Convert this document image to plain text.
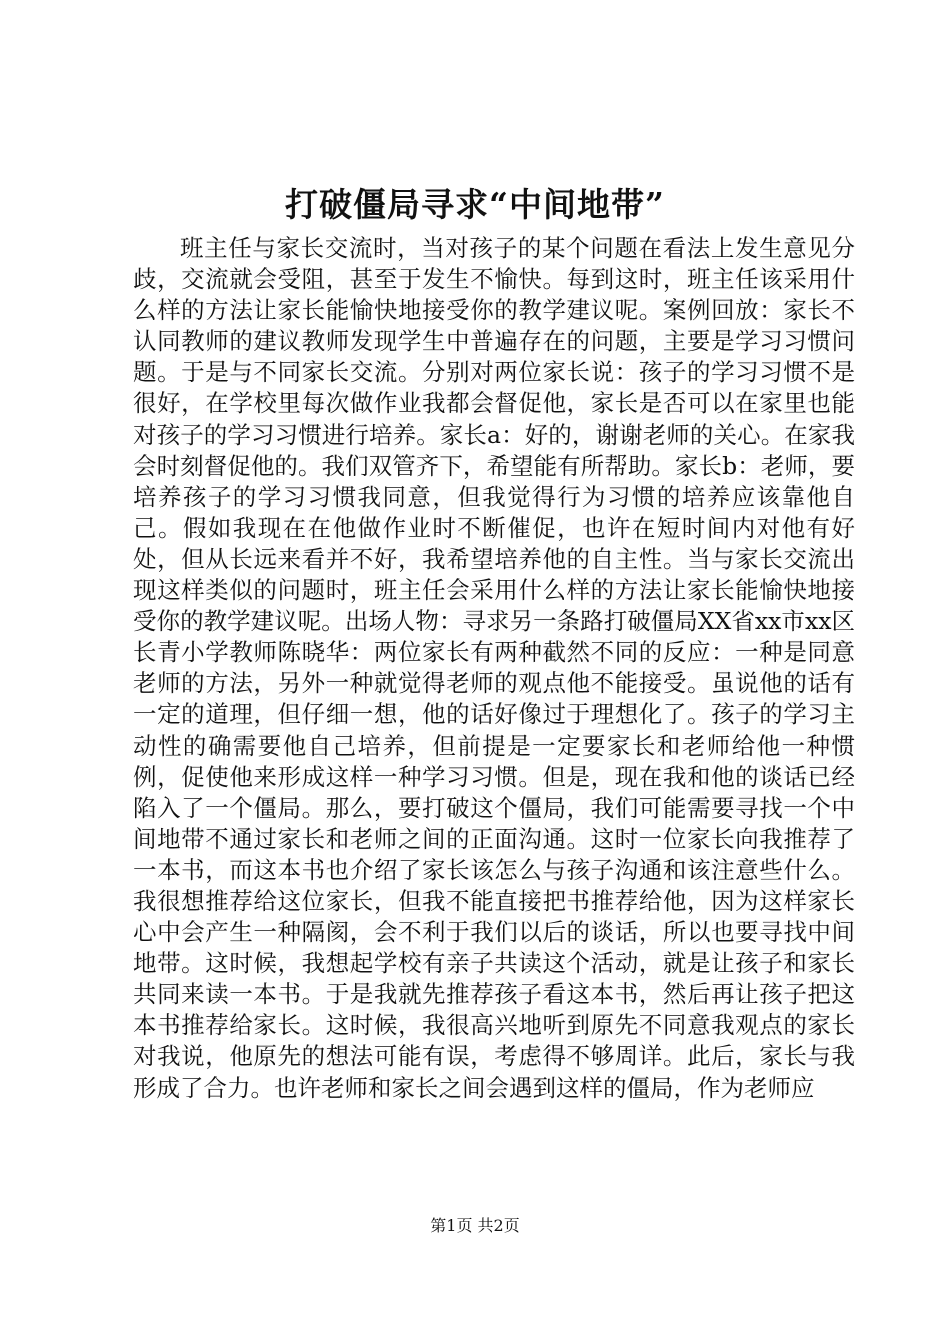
打破僵局寻求“中间地带”

班主任与家长交流时，当对孩子的某个问题在看法上发生意见分歧，交流就会受阻，甚至于发生不愉快。每到这时，班主任该采用什么样的方法让家长能愉快地接受你的教学建议呢。案例回放：家长不认同教师的建议教师发现学生中普遍存在的问题，主要是学习习惯问题。于是与不同家长交流。分别对两位家长说：孩子的学习习惯不是很好，在学校里每次做作业我都会督促他，家长是否可以在家里也能对孩子的学习习惯进行培养。家长a：好的，谢谢老师的关心。在家我会时刻督促他的。我们双管齐下，希望能有所帮助。家长b：老师，要培养孩子的学习习惯我同意，但我觉得行为习惯的培养应该靠他自己。假如我现在在他做作业时不断催促，也许在短时间内对他有好处，但从长远来看并不好，我希望培养他的自主性。当与家长交流出现这样类似的问题时，班主任会采用什么样的方法让家长能愉快地接受你的教学建议呢。出场人物：寻求另一条路打破僵局XX省xx市xx区长青小学教师陈晓华：两位家长有两种截然不同的反应：一种是同意老师的方法，另外一种就觉得老师的观点他不能接受。虽说他的话有一定的道理，但仔细一想，他的话好像过于理想化了。孩子的学习主动性的确需要他自己培养，但前提是一定要家长和老师给他一种惯例，促使他来形成这样一种学习习惯。但是，现在我和他的谈话已经陷入了一个僵局。那么，要打破这个僵局，我们可能需要寻找一个中间地带不通过家长和老师之间的正面沟通。这时一位家长向我推荐了一本书，而这本书也介绍了家长该怎么与孩子沟通和该注意些什么。我很想推荐给这位家长，但我不能直接把书推荐给他，因为这样家长心中会产生一种隔阂，会不利于我们以后的谈话，所以也要寻找中间地带。这时候，我想起学校有亲子共读这个活动，就是让孩子和家长共同来读一本书。于是我就先推荐孩子看这本书，然后再让孩子把这本书推荐给家长。这时候，我很高兴地听到原先不同意我观点的家长对我说，他原先的想法可能有误，考虑得不够周详。此后，家长与我形成了合力。也许老师和家长之间会遇到这样的僵局，作为老师应

第1页 共2页
